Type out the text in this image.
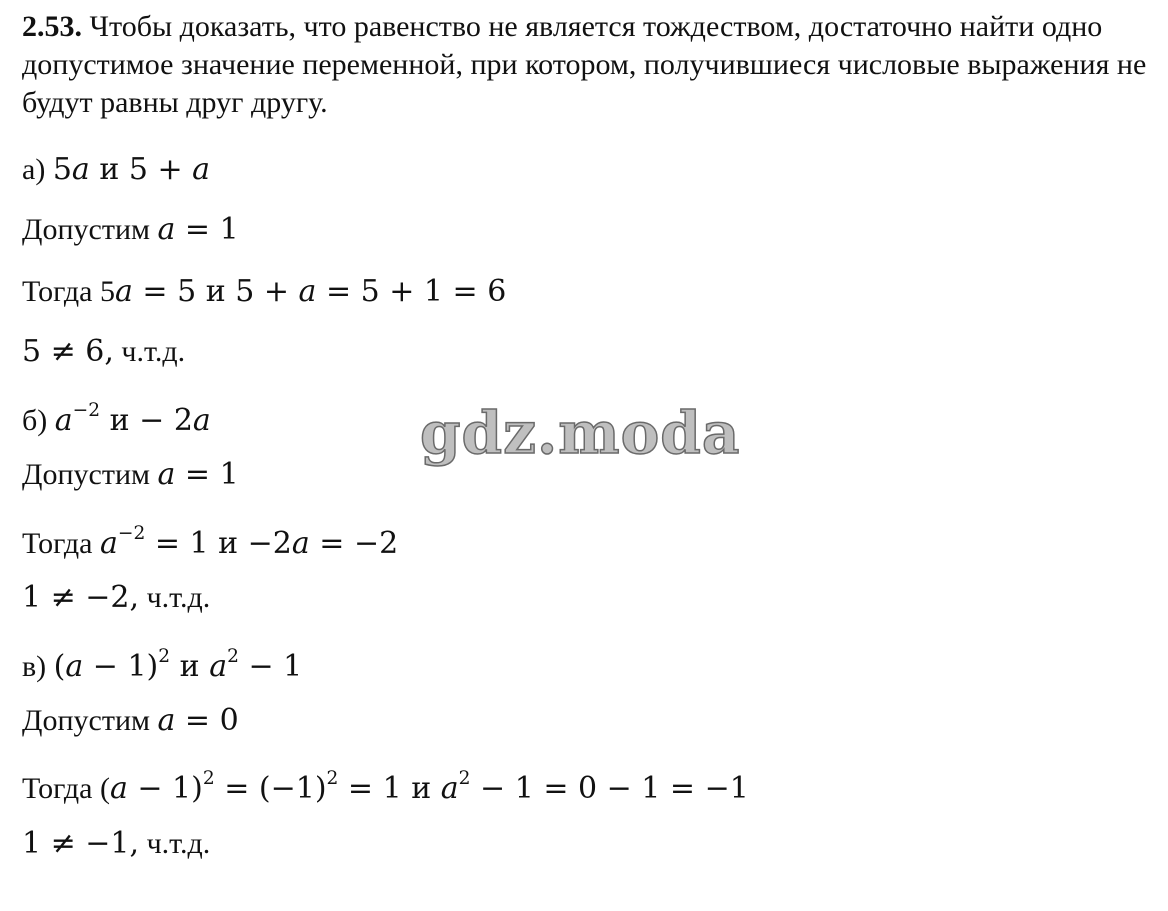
2.53. Чтобы доказать, что равенство не является тождеством, достаточно найти одно допустимое значение переменной, при котором, получившиеся числовые выражения не будут равны друг другу.
а) 5a и 5 + a
Допустим a = 1
Тогда 5a = 5 и 5 + a = 5 + 1 = 6
5 ≠ 6, ч.т.д.
б) $a^{-2}$ и − 2a
Допустим a = 1
Тогда $a^{-2} = 1$ и −2a = −2
1 ≠ −2, ч.т.д.
в) $(a - 1)^2$ и $a^2 - 1$
Допустим a = 0
Тогда $(a - 1)^2 = (-1)^2 = 1$ и $a^2 - 1 = 0 - 1 = -1$
1 ≠ −1, ч.т.д.
gdz.moda
